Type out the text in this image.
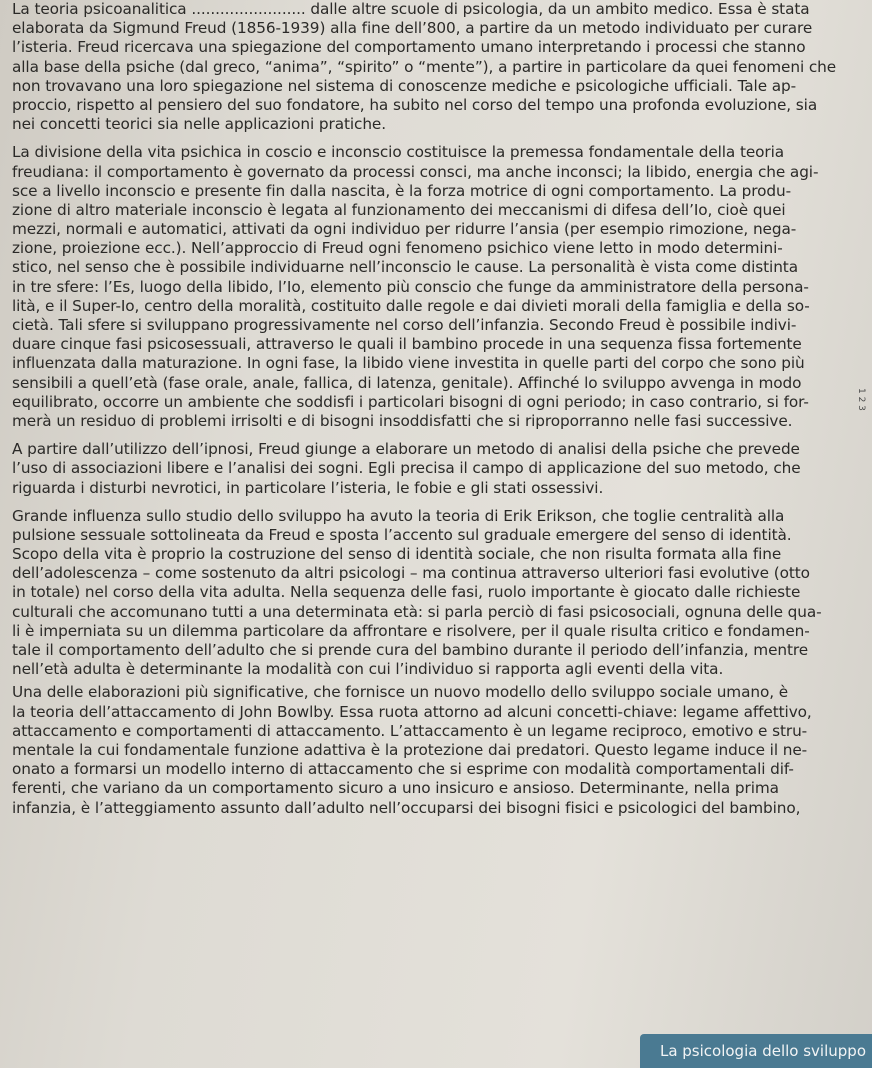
La teoria psicoanalitica ........................ dalle altre scuole di psicologia, da un ambito medico. Essa è stata
elaborata da Sigmund Freud (1856-1939) alla fine dell’800, a partire da un metodo individuato per curare
l’isteria. Freud ricercava una spiegazione del comportamento umano interpretando i processi che stanno
alla base della psiche (dal greco, “anima”, “spirito” o “mente”), a partire in particolare da quei fenomeni che
non trovavano una loro spiegazione nel sistema di conoscenze mediche e psicologiche ufficiali. Tale ap-
proccio, rispetto al pensiero del suo fondatore, ha subito nel corso del tempo una profonda evoluzione, sia
nei concetti teorici sia nelle applicazioni pratiche.
La divisione della vita psichica in coscio e inconscio costituisce la premessa fondamentale della teoria
freudiana: il comportamento è governato da processi consci, ma anche inconsci; la libido, energia che agi-
sce a livello inconscio e presente fin dalla nascita, è la forza motrice di ogni comportamento. La produ-
zione di altro materiale inconscio è legata al funzionamento dei meccanismi di difesa dell’Io, cioè quei
mezzi, normali e automatici, attivati da ogni individuo per ridurre l’ansia (per esempio rimozione, nega-
zione, proiezione ecc.). Nell’approccio di Freud ogni fenomeno psichico viene letto in modo determini-
stico, nel senso che è possibile individuarne nell’inconscio le cause. La personalità è vista come distinta
in tre sfere: l’Es, luogo della libido, l’Io, elemento più conscio che funge da amministratore della persona-
lità, e il Super-Io, centro della moralità, costituito dalle regole e dai divieti morali della famiglia e della so-
cietà. Tali sfere si sviluppano progressivamente nel corso dell’infanzia. Secondo Freud è possibile indivi-
duare cinque fasi psicosessuali, attraverso le quali il bambino procede in una sequenza fissa fortemente
influenzata dalla maturazione. In ogni fase, la libido viene investita in quelle parti del corpo che sono più
sensibili a quell’età (fase orale, anale, fallica, di latenza, genitale). Affinché lo sviluppo avvenga in modo
equilibrato, occorre un ambiente che soddisfi i particolari bisogni di ogni periodo; in caso contrario, si for-
merà un residuo di problemi irrisolti e di bisogni insoddisfatti che si riproporranno nelle fasi successive.
A partire dall’utilizzo dell’ipnosi, Freud giunge a elaborare un metodo di analisi della psiche che prevede
l’uso di associazioni libere e l’analisi dei sogni. Egli precisa il campo di applicazione del suo metodo, che
riguarda i disturbi nevrotici, in particolare l’isteria, le fobie e gli stati ossessivi.
Grande influenza sullo studio dello sviluppo ha avuto la teoria di Erik Erikson, che toglie centralità alla
pulsione sessuale sottolineata da Freud e sposta l’accento sul graduale emergere del senso di identità.
Scopo della vita è proprio la costruzione del senso di identità sociale, che non risulta formata alla fine
dell’adolescenza – come sostenuto da altri psicologi – ma continua attraverso ulteriori fasi evolutive (otto
in totale) nel corso della vita adulta. Nella sequenza delle fasi, ruolo importante è giocato dalle richieste
culturali che accomunano tutti a una determinata età: si parla perciò di fasi psicosociali, ognuna delle qua-
li è imperniata su un dilemma particolare da affrontare e risolvere, per il quale risulta critico e fondamen-
tale il comportamento dell’adulto che si prende cura del bambino durante il periodo dell’infanzia, mentre
nell’età adulta è determinante la modalità con cui l’individuo si rapporta agli eventi della vita.
Una delle elaborazioni più significative, che fornisce un nuovo modello dello sviluppo sociale umano, è
la teoria dell’attaccamento di John Bowlby. Essa ruota attorno ad alcuni concetti-chiave: legame affettivo,
attaccamento e comportamenti di attaccamento. L’attaccamento è un legame reciproco, emotivo e stru-
mentale la cui fondamentale funzione adattiva è la protezione dai predatori. Questo legame induce il ne-
onato a formarsi un modello interno di attaccamento che si esprime con modalità comportamentali dif-
ferenti, che variano da un comportamento sicuro a uno insicuro e ansioso. Determinante, nella prima
infanzia, è l’atteggiamento assunto dall’adulto nell’occuparsi dei bisogni fisici e psicologici del bambino,
1 2 3
La psicologia dello sviluppo
